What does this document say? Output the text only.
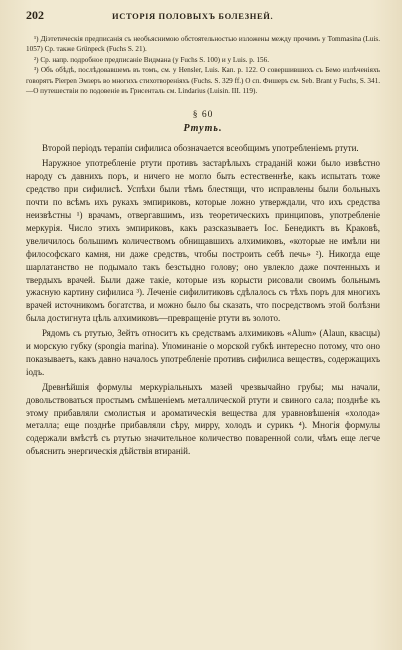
202	ИСТОРІЯ ПОЛОВЫХЪ БОЛЕЗНЕЙ.

¹) Діэтетическія предписанія съ необъяснимою обстоятельностью изложены между прочимъ у Tommasina (Luis. 1057) Ср. также Grünpeck (Fuchs S. 21).

²) Ср. напр. подробное предписаніе Видмана (у Fuchs S. 100) и у Luis. р. 156.

³) Объ обѣдѣ, послѣдовавшемъ въ томъ, см. у Hensler, Luis. Кап. р. 122. О совершившихъ съ Бемо излѣченіяхъ говорятъ Pierpen Эмзеръ во многихъ стихотвореніяхъ (Fuchs. S. 329 ff.) О сп. Фишеръ см. Seb. Brant у Fuchs, S. 341.—О путешествіи по подовеніе въ Грисенталь см. Lindarius (Luisin. III. 119).

§ 60
Ртуть.

Второй періодъ терапіи сифилиса обозначается всеобщимъ употребленіемъ ртути.

Наружное употребленіе ртути противъ застарѣлыхъ страданій кожи было извѣстно народу съ давнихъ поръ, и ничего не могло быть естественнѣе, какъ испытать тоже средство при сифилисѣ. Успѣхи были тѣмъ блестящи, что исправлены были больныхъ почти по всѣмъ ихъ рукахъ эмпириковъ, которые ложно утверждали, что ихъ средства неизвѣстны ¹) врачамъ, отвергавшимъ, изъ теоретическихъ принциповъ, употребленіе меркурія. Число этихъ эмпириковъ, какъ разсказываетъ Іос. Бенедиктъ въ Краковѣ, увеличилось большимъ количествомъ обнищавшихъ алхимиковъ, «которые не имѣли ни философскаго камня, ни даже средствъ, чтобы построить себѣ печь» ²). Никогда еще шарлатанство не подымало такъ безстыдно голову; оно увлекло даже почтенныхъ и твердыхъ врачей. Были даже такіе, которые изъ корысти рисовали своимъ больнымъ ужасную картину сифилиса ³). Леченіе сифилитиковъ сдѣлалось съ тѣхъ поръ для многихъ врачей источникомъ богатства, и можно было бы сказать, что посредствомъ этой болѣзни была достигнута цѣль алхимиковъ—превращеніе ртути въ золото.

Рядомъ съ ртутью, Зейтъ относитъ къ средствамъ алхимиковъ «Alum» (Alaun, квасцы) и морскую губку (spongia marina). Упоминаніе о морской губкѣ интересно потому, что оно показываетъ, какъ давно началось употребленіе противъ сифилиса веществъ, содержащихъ іодъ.

Древнѣйшія формулы меркуріальныхъ мазей чрезвычайно грубы; мы начали, довольствоваться простымъ смѣшеніемъ металлической ртути и свиного сала; позднѣе къ этому прибавляли смолистыя и ароматическія вещества для уравновѣшенія «холода» металла; еще позднѣе прибавляли сѣру, мирру, холодъ и сурикъ ⁴). Многія формулы содержали вмѣстѣ съ ртутью значительное количество поваренной соли, чѣмъ еще легче объяснить энергическія дѣйствія втираній.
